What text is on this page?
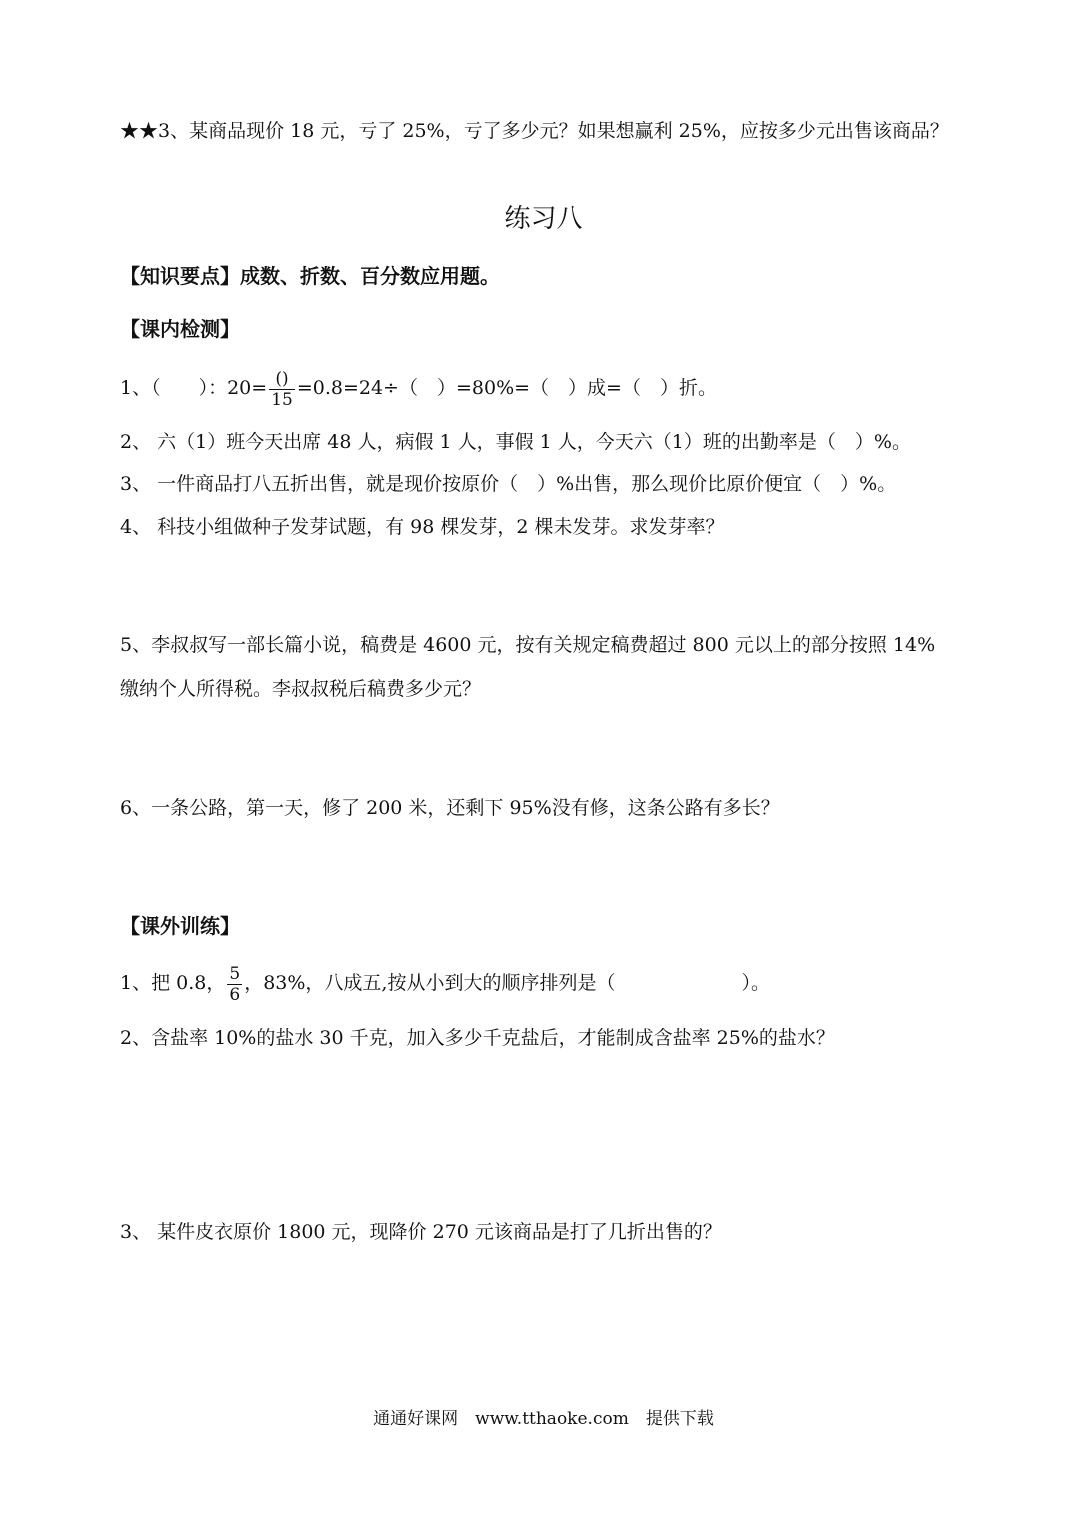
★★3、某商品现价 18 元，亏了 25%，亏了多少元？如果想赢利 25%，应按多少元出售该商品？
练习八
【知识要点】成数、折数、百分数应用题。
【课内检测】
1、（　　）：$20= \frac{()}{15} =0.8=24\div$（　）=80%=（　）成=（　）折。
2、 六（1）班今天出席 48 人，病假 1 人，事假 1 人，今天六（1）班的出勤率是（　）%。
3、 一件商品打八五折出售，就是现价按原价（　）%出售，那么现价比原价便宜（　）%。
4、 科技小组做种子发芽试题，有 98 棵发芽，2 棵未发芽。求发芽率？
5、李叔叔写一部长篇小说，稿费是 4600 元，按有关规定稿费超过 800 元以上的部分按照 14%
缴纳个人所得税。李叔叔税后稿费多少元？
6、一条公路，第一天，修了 200 米，还剩下 95%没有修，这条公路有多长？
【课外训练】
1、把 0.8， $\frac{5}{6}$ ，83%，八成五,按从小到大的顺序排列是（	）。
2、含盐率 10%的盐水 30 千克，加入多少千克盐后，才能制成含盐率 25%的盐水？
3、 某件皮衣原价 1800 元，现降价 270 元该商品是打了几折出售的？
通通好课网　www.tthaoke.com　提供下载
